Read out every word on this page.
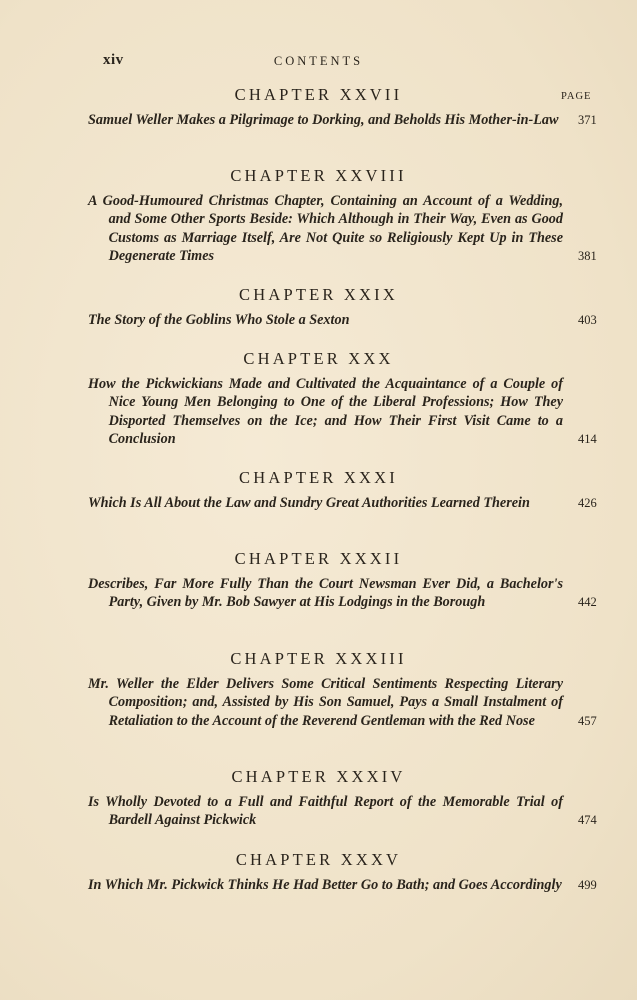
xiv	CONTENTS
PAGE
CHAPTER XXVII
Samuel Weller Makes a Pilgrimage to Dorking, and Beholds His Mother-in-Law	371
CHAPTER XXVIII
A Good-Humoured Christmas Chapter, Containing an Account of a Wedding, and Some Other Sports Beside: Which Although in Their Way, Even as Good Customs as Marriage Itself, Are Not Quite so Religiously Kept Up in These Degenerate Times	381
CHAPTER XXIX
The Story of the Goblins Who Stole a Sexton	403
CHAPTER XXX
How the Pickwickians Made and Cultivated the Acquaintance of a Couple of Nice Young Men Belonging to One of the Liberal Professions; How They Disported Themselves on the Ice; and How Their First Visit Came to a Conclusion	414
CHAPTER XXXI
Which Is All About the Law and Sundry Great Authorities Learned Therein	426
CHAPTER XXXII
Describes, Far More Fully Than the Court Newsman Ever Did, a Bachelor's Party, Given by Mr. Bob Sawyer at His Lodgings in the Borough	442
CHAPTER XXXIII
Mr. Weller the Elder Delivers Some Critical Sentiments Respecting Literary Composition; and, Assisted by His Son Samuel, Pays a Small Instalment of Retaliation to the Account of the Reverend Gentleman with the Red Nose	457
CHAPTER XXXIV
Is Wholly Devoted to a Full and Faithful Report of the Memorable Trial of Bardell Against Pickwick	474
CHAPTER XXXV
In Which Mr. Pickwick Thinks He Had Better Go to Bath; and Goes Accordingly 499
